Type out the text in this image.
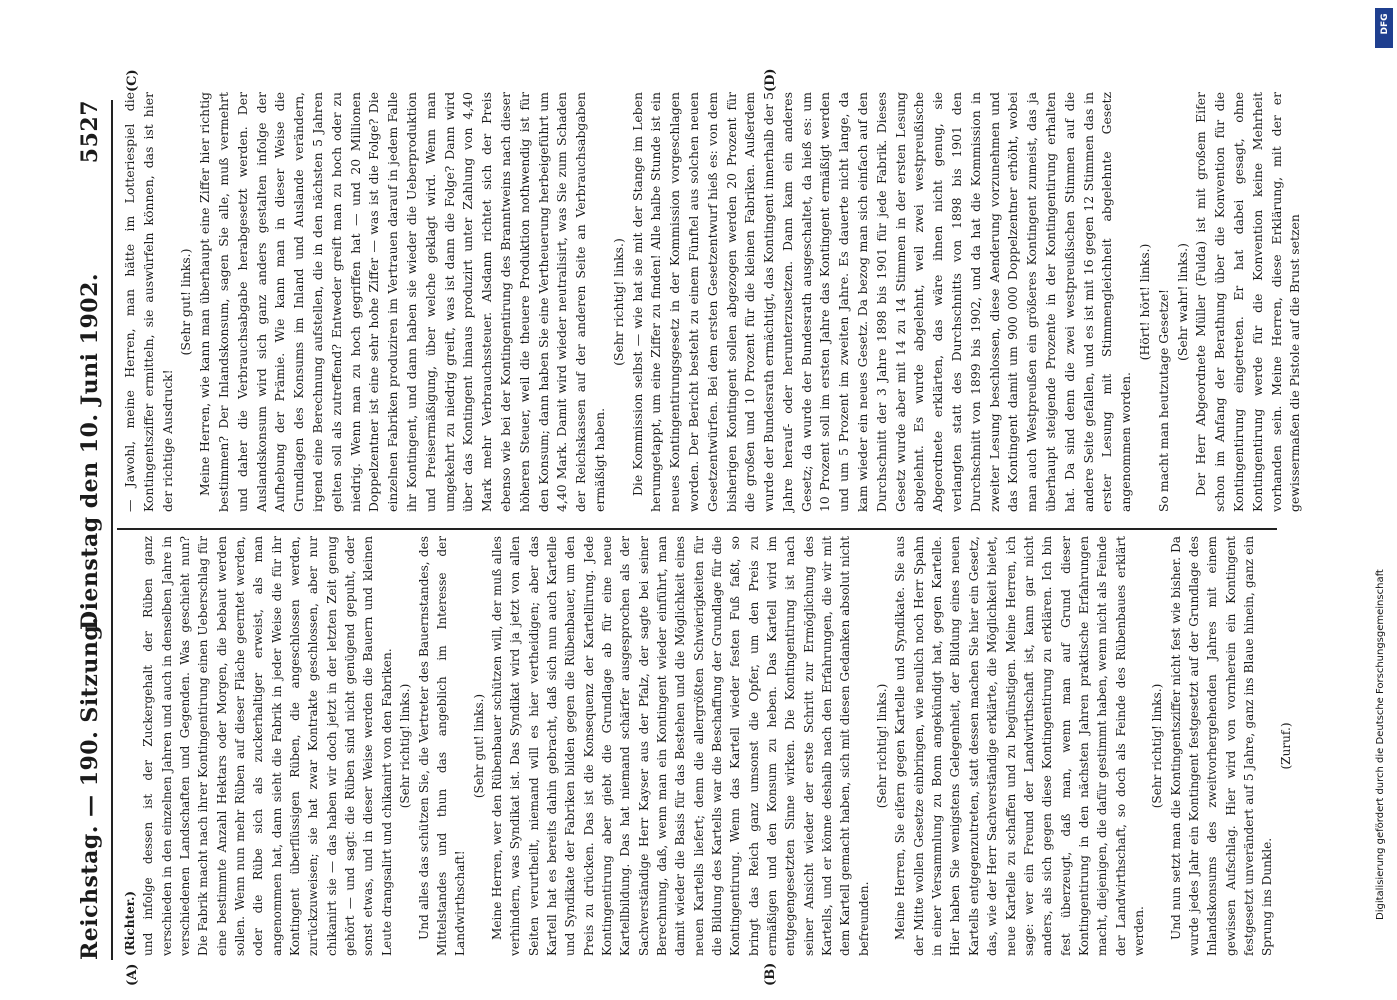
Reichstag. — 190. Sitzung.
Dienstag den 10. Juni 1902.
5527
(A)	(B)
(C)	(D)

(Richter.) und infolge dessen ist der Zuckergehalt der Rüben ganz verschieden in den einzelnen Jahren und auch in denselben Jahre in verschiedenen Landschaften und Gegenden. Was geschieht nun? Die Fabrik macht nach ihrer Kontingentirung einen Ueberschlag für eine bestimmte Anzahl Hektars oder Morgen, die bebaut werden sollen. Wenn nun mehr Rüben auf dieser Fläche geerntet werden, oder die Rübe sich als zuckerhaltiger erweist, als man angenommen hat, dann sieht die Fabrik in jeder Weise die für ihr Kontingent überflüssigen Rüben, die angeschlossen werden, zurückzuweisen; sie hat zwar Kontrakte geschlossen, aber nur chikanirt sie — das haben wir doch jetzt in der letzten Zeit genug gehört — und sagt: die Rüben sind nicht genügend gepuht, oder sonst etwas, und in dieser Weise werden die Bauern und kleinen Leute drangsalirt und chikanirt von den Fabriken. (Sehr richtig! links.) Und alles das schützen Sie, die Vertreter des Bauernstandes, des Mittelstandes und thun das angeblich im Interesse der Landwirthschaft!

(Sehr gut! links.) Meine Herren, wer den Rübenbauer schützen will, der muß alles verhindern, was Syndikat ist. Das Syndikat wird ja jetzt von allen Seiten verurtheilt, niemand will es hier vertheidigen; aber das Kartell hat es bereits dahin gebracht, daß sich nun auch Kartelle und Syndikate der Fabriken bilden gegen die Rübenbauer, um den Preis zu drücken. Das ist die Konsequenz der Kartellirung. Jede Kontingentirung aber giebt die Grundlage ab für eine neue Kartellbildung. Das hat niemand schärfer ausgesprochen als der Sachverständige Herr Kayser aus der Pfalz, der sagte bei seiner Berechnung, daß, wenn man ein Kontingent wieder einführt, man damit wieder die Basis für das Bestehen und die Möglichkeit eines neuen Kartells liefert; denn die allergrößten Schwierigkeiten für die Bildung des Kartells war die Beschaffung der Grundlage für die Kontingentirung. Wenn das Kartell wieder festen Fuß faßt, so bringt das Reich ganz umsonst die Opfer, um den Preis zu ermäßigen und den Konsum zu heben. Das Kartell wird im entgegengesetzten Sinne wirken. Die Kontingentirung ist nach seiner Ansicht wieder der erste Schritt zur Ermöglichung des Kartells, und er könne deshalb nach den Erfahrungen, die wir mit dem Kartell gemacht haben, sich mit diesen Gedanken absolut nicht befreunden.

(Sehr richtig! links.) Meine Herren, Sie eifern gegen Kartelle und Syndikate. Sie aus der Mitte wollen Gesetze einbringen, wie neulich noch Herr Spahn in einer Versammlung zu Bonn angekündigt hat, gegen Kartelle. Hier haben Sie wenigstens Gelegenheit, der Bildung eines neuen Kartells entgegenzutreten, statt dessen machen Sie hier ein Gesetz, das, wie der Herr Sachverständige erklärte, die Möglichkeit bietet, neue Kartelle zu schaffen und zu begünstigen. Meine Herren, ich sage: wer ein Freund der Landwirthschaft ist, kann gar nicht anders, als sich gegen diese Kontingentirung zu erklären. Ich bin fest überzeugt, daß man, wenn man auf Grund dieser Kontingentirung in den nächsten Jahren praktische Erfahrungen macht, diejenigen, die dafür gestimmt haben, wenn nicht als Feinde der Landwirthschaft, so doch als Feinde des Rübenbaues erklärt werden.

(Sehr richtig! links.) Und nun setzt man die Kontingentsziffer nicht fest wie bisher. Da wurde jedes Jahr ein Kontingent festgesetzt auf der Grundlage des Inlandskonsums des zweitvorhergehenden Jahres mit einem gewissen Aufschlag. Hier wird von vornherein ein Kontingent festgesetzt unverändert auf 5 Jahre, ganz ins Blaue hinein, ganz ein Sprung ins Dunkle.

(Zuruf.)

— Jawohl, meine Herren, man hätte im Lotteriespiel die Kontingentsziffer ermitteln, sie auswürfeln können, das ist hier der richtige Ausdruck!

(Sehr gut! links.) Meine Herren, wie kann man überhaupt eine Ziffer hier richtig bestimmen? Der Inlandskonsum, sagen Sie alle, muß vermehrt und daher die Verbrauchsabgabe herabgesetzt werden. Der Auslandskonsum wird sich ganz anders gestalten infolge der Aufhebung der Prämie. Wie kann man in dieser Weise die Grundlagen des Konsums im Inland und Auslande verändern, irgend eine Berechnung aufstellen, die in den nächsten 5 Jahren gelten soll als zutreffend? Entweder greift man zu hoch oder zu niedrig. Wenn man zu hoch gegriffen hat — und 20 Millionen Doppelzentner ist eine sehr hohe Ziffer — was ist die Folge? Die einzelnen Fabriken produziren im Vertrauen darauf in jedem Falle ihr Kontingent, und dann haben sie wieder die Ueberproduktion und Preisermäßigung, über welche geklagt wird. Wenn man umgekehrt zu niedrig greift, was ist dann die Folge? Dann wird über das Kontingent hinaus produzirt unter Zahlung von 4,40 Mark mehr Verbrauchssteuer. Alsdann richtet sich der Preis ebenso wie bei der Kontingentirung des Branntweins nach dieser höheren Steuer, weil die theuere Produktion nothwendig ist für den Konsum; dann haben Sie eine Vertheuerung herbeigeführt um 4,40 Mark. Damit wird wieder neutralisirt, was Sie zum Schaden der Reichskassen auf der anderen Seite an Verbrauchsabgaben ermäßigt haben.

(Sehr richtig! links.) Die Kommission selbst — wie hat sie mit der Stange im Leben herumgetappt, um eine Ziffer zu finden! Alle halbe Stunde ist ein neues Kontingentirungsgesetz in der Kommission vorgeschlagen worden. Der Bericht besteht zu einem Fünftel aus solchen neuen Gesetzentwürfen. Bei dem ersten Gesetzentwurf hieß es: von dem bisherigen Kontingent sollen abgezogen werden 20 Prozent für die großen und 10 Prozent für die kleinen Fabriken. Außerdem wurde der Bundesrath ermächtigt, das Kontingent innerhalb der 5 Jahre herauf- oder herunterzusetzen. Dann kam ein anderes Gesetz; da wurde der Bundesrath ausgeschaltet, da hieß es: um 10 Prozent soll im ersten Jahre das Kontingent ermäßigt werden und um 5 Prozent im zweiten Jahre. Es dauerte nicht lange, da kam wieder ein neues Gesetz. Da bezog man sich einfach auf den Durchschnitt der 3 Jahre 1898 bis 1901 für jede Fabrik. Dieses Gesetz wurde aber mit 14 zu 14 Stimmen in der ersten Lesung abgelehnt. Es wurde abgelehnt, weil zwei westpreußische Abgeordnete erklärten, das wäre ihnen nicht genug, sie verlangten statt des Durchschnitts von 1898 bis 1901 den Durchschnitt von 1899 bis 1902, und da hat die Kommission in zweiter Lesung beschlossen, diese Aenderung vorzunehmen und das Kontingent damit um 900 000 Doppelzentner erhöht, wobei man auch Westpreußen ein größeres Kontingent zumeist, das ja überhaupt steigende Prozente in der Kontingentirung erhalten hat. Da sind denn die zwei westpreußischen Stimmen auf die andere Seite gefallen, und es ist mit 16 gegen 12 Stimmen das in erster Lesung mit Stimmengleichheit abgelehnte Gesetz angenommen worden.

(Hört! hört! links.) So macht man heutzutage Gesetze! (Sehr wahr! links.) Der Herr Abgeordnete Müller (Fulda) ist mit großem Eifer schon im Anfang der Berathung über die Konvention für die Kontingentirung eingetreten. Er hat dabei gesagt, ohne Kontingentirung werde für die Konvention keine Mehrheit vorhanden sein. Meine Herren, diese Erklärung, mit der er gewissermaßen die Pistole auf die Brust setzen

DFG
Digitalisierung gefördert durch die Deutsche Forschungsgemeinschaft
